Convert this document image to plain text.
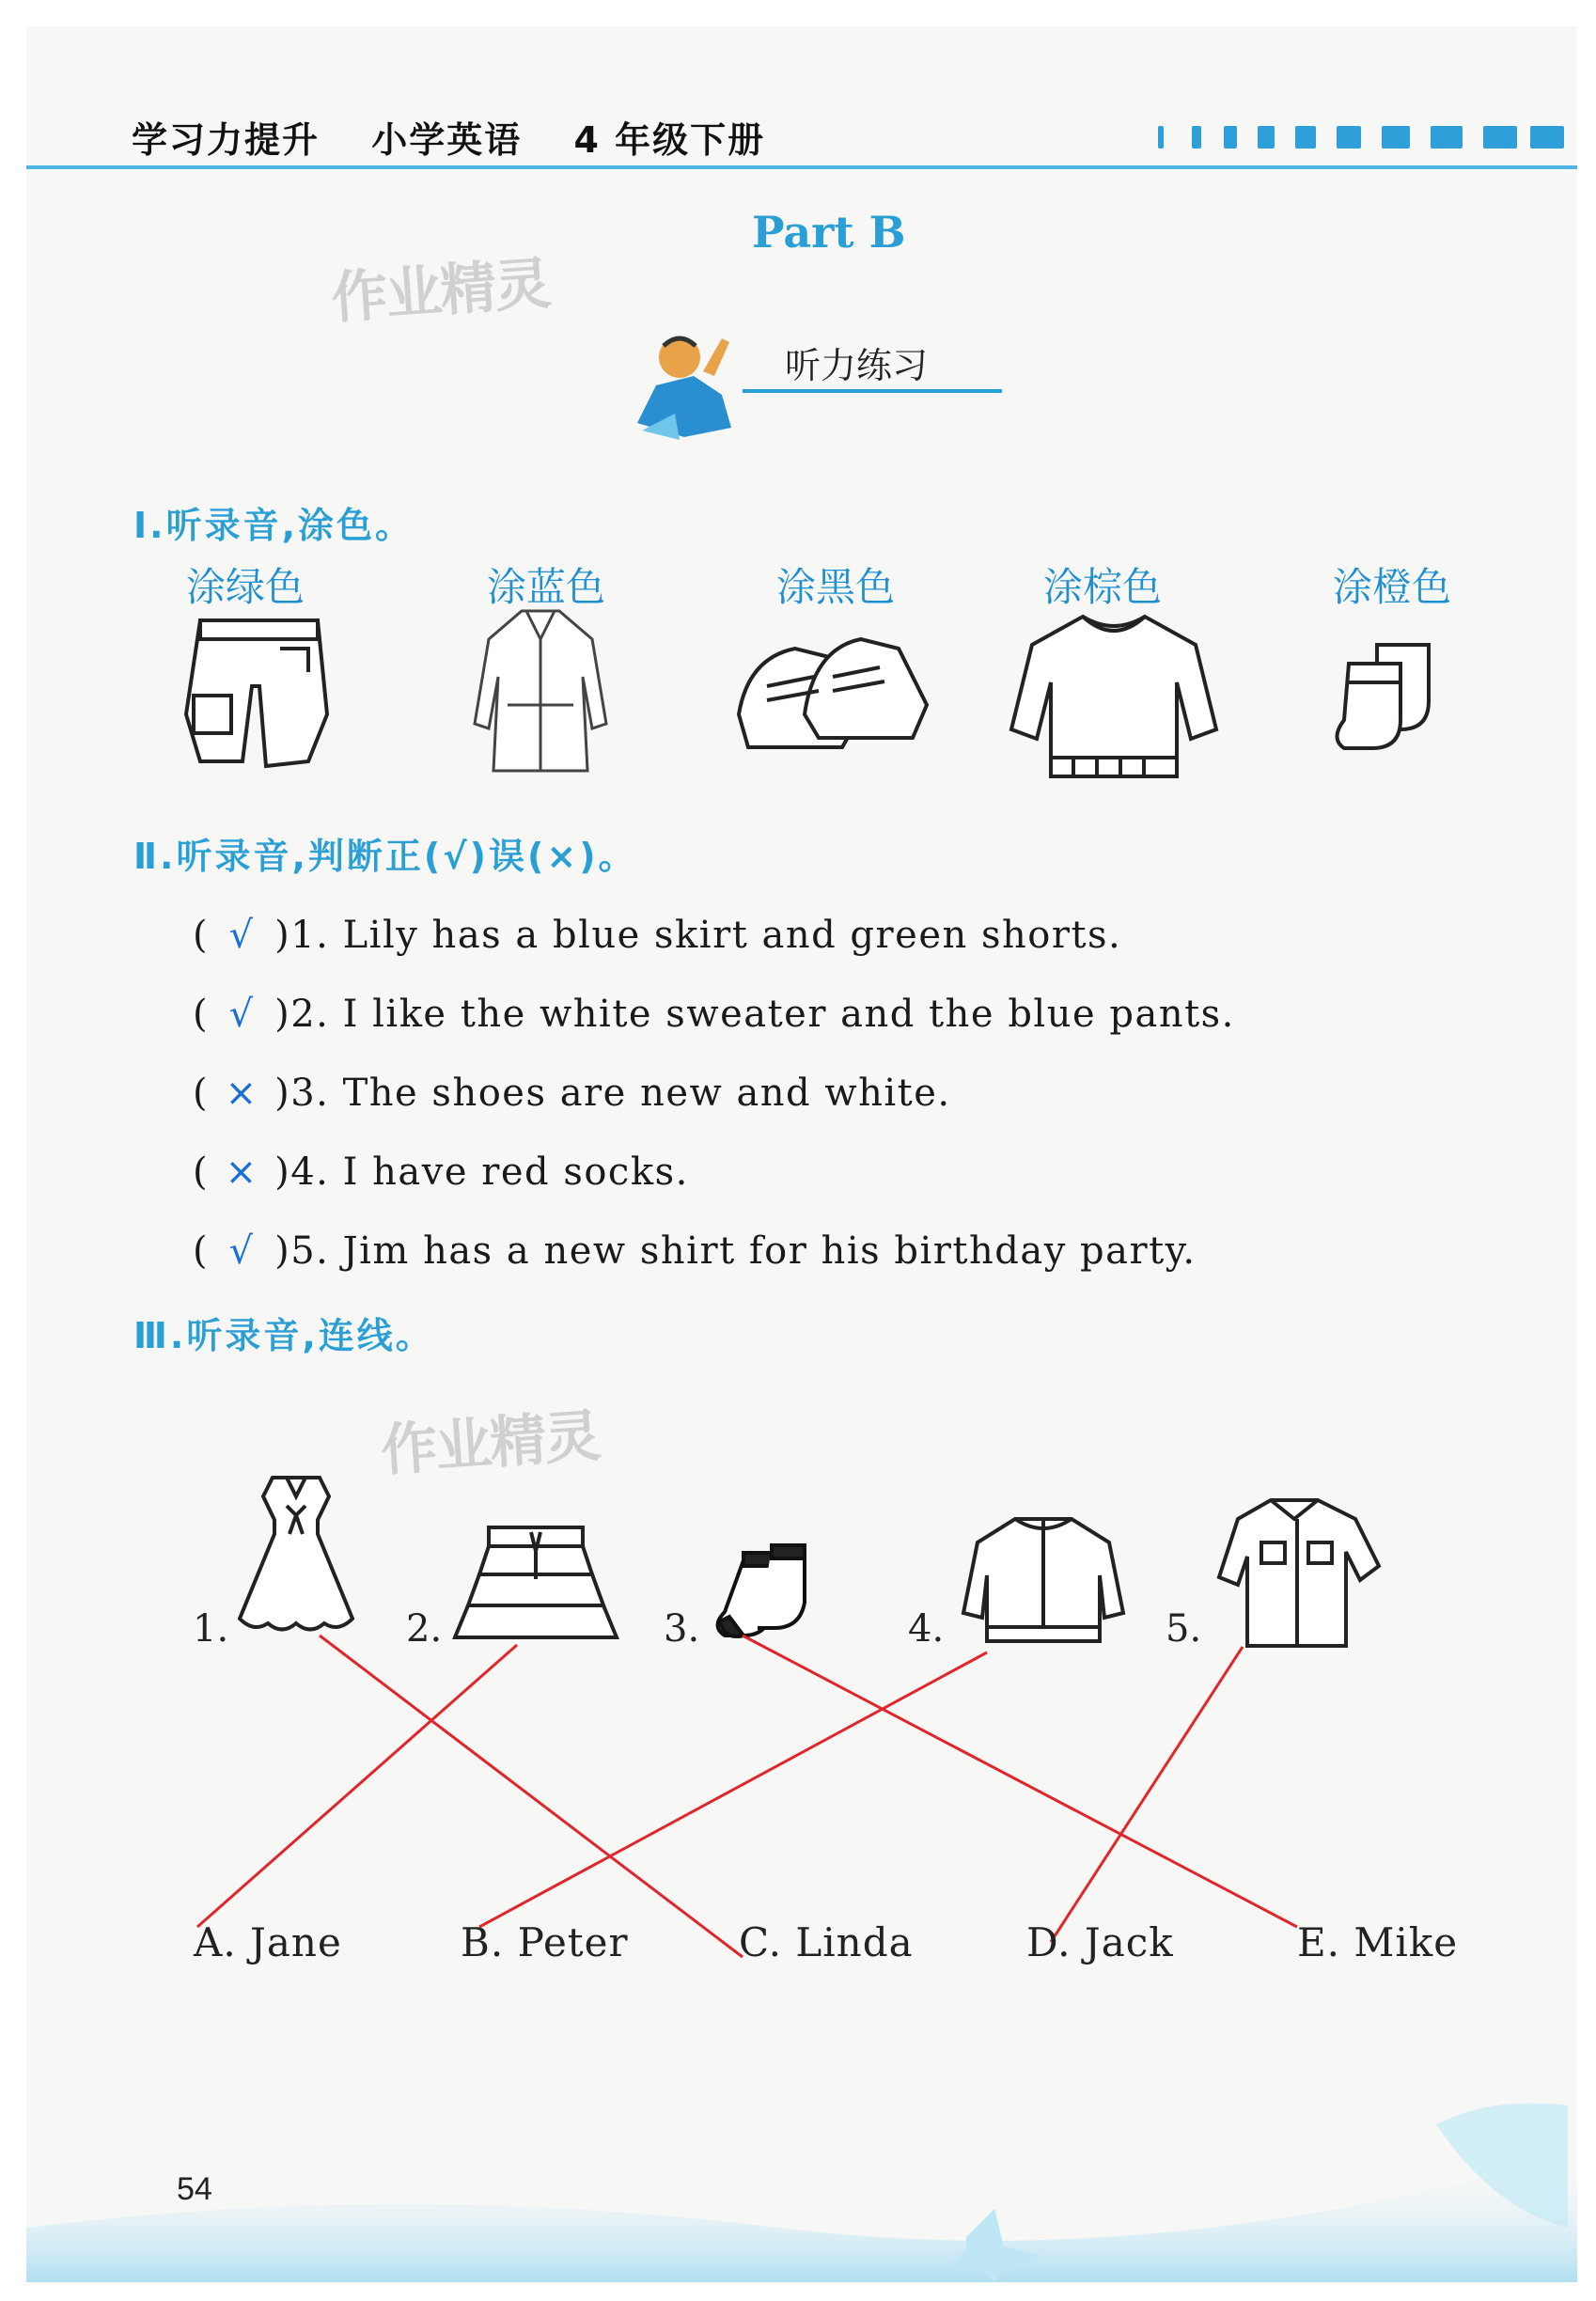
学习力提升 小学英语 4 年级下册
Part B
作业精灵
听力练习
Ⅰ.听录音,涂色。
涂绿色	涂蓝色	涂黑色	涂棕色	涂橙色
Ⅱ.听录音,判断正(√)误(×)。
( √ )1. Lily has a blue skirt and green shorts.
( √ )2. I like the white sweater and the blue pants.
( × )3. The shoes are new and white.
( × )4. I have red socks.
( √ )5. Jim has a new shirt for his birthday party.
Ⅲ.听录音,连线。
作业精灵
1.	2.	3.	4.	5.
A. Jane	B. Peter	C. Linda	D. Jack	E. Mike
54
